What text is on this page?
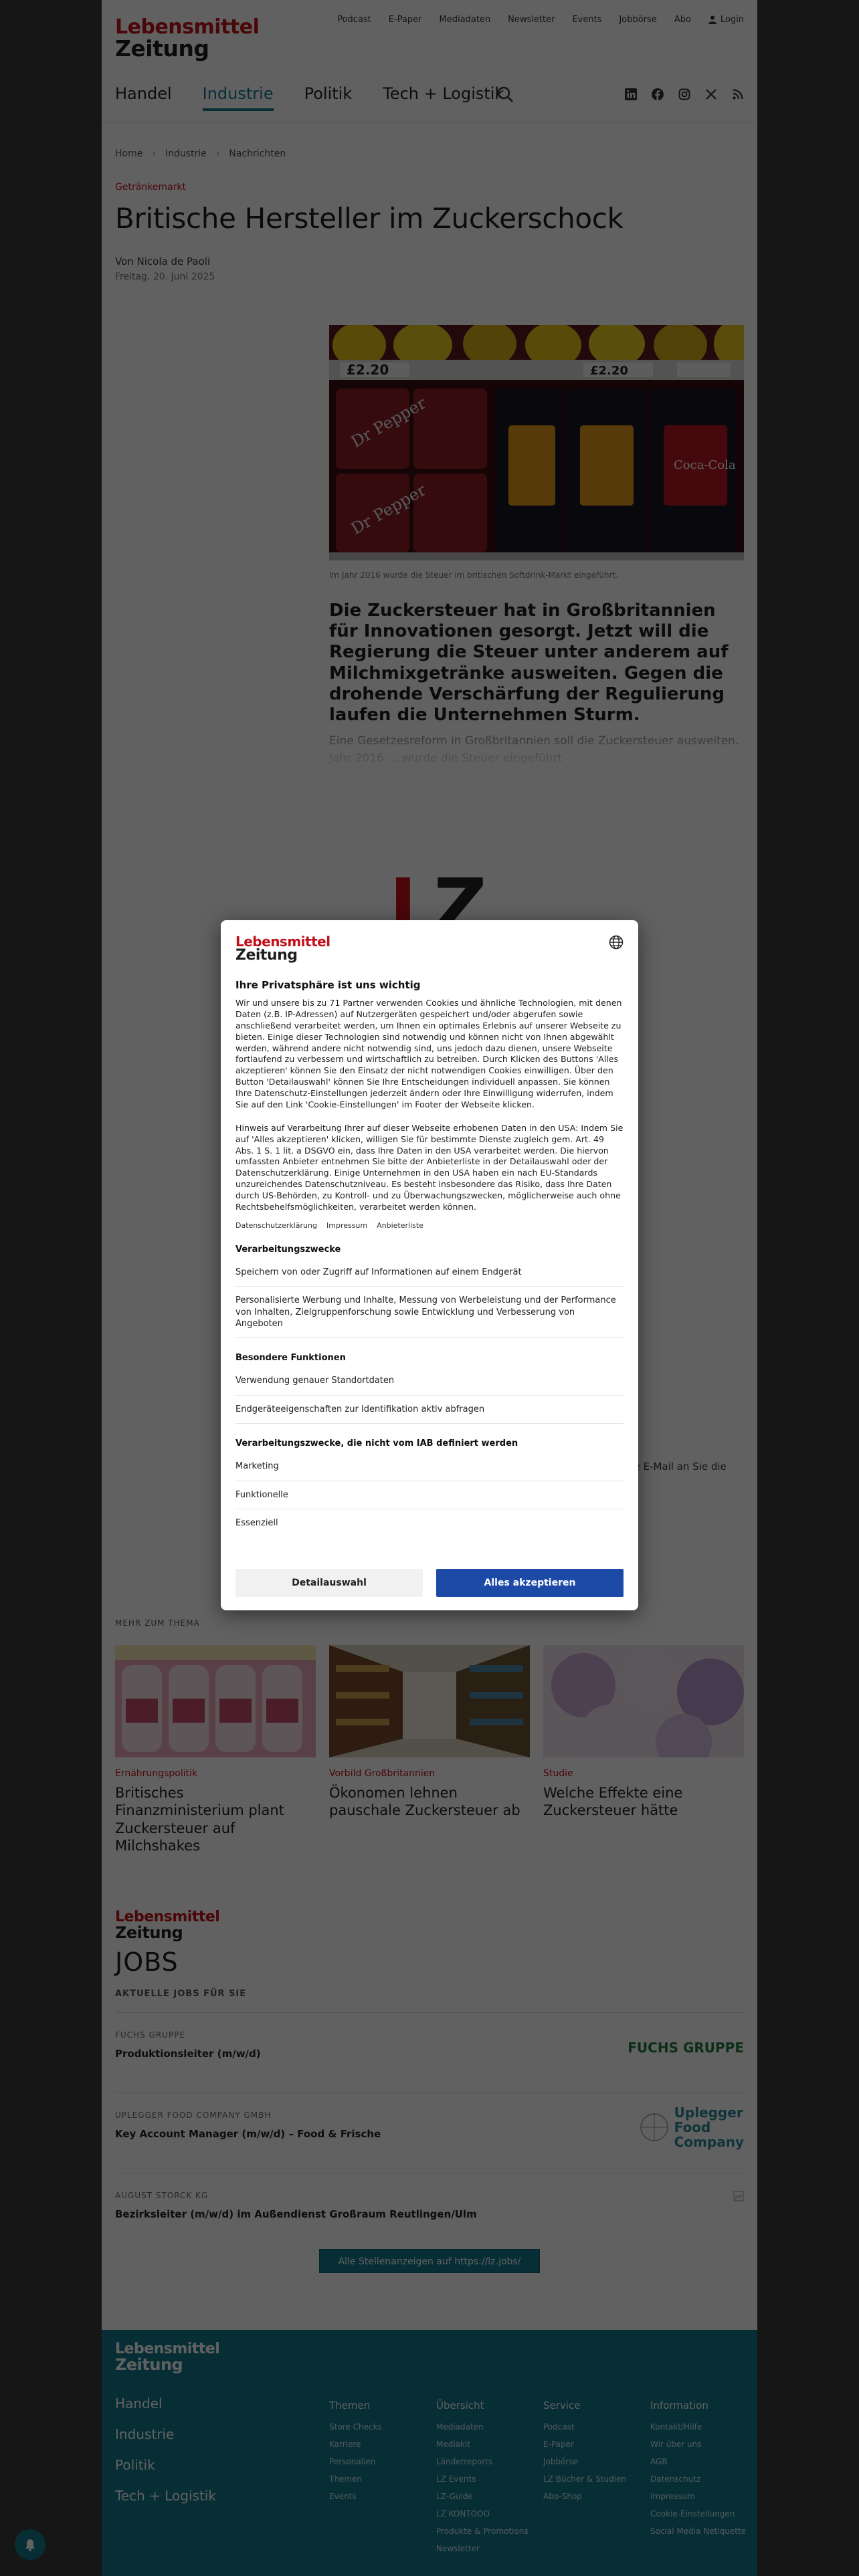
Lebensmittel
Zeitung
Ihre Privatsphäre ist uns wichtig

Wir und unsere bis zu 71 Partner verwenden Cookies und ähnliche Technologien, mit denen Daten (z.B. IP-Adressen) auf Nutzergeräten gespeichert und/oder abgerufen sowie anschließend verarbeitet werden, um Ihnen ein optimales Erlebnis auf unserer Webseite zu bieten. Einige dieser Technologien sind notwendig und können nicht von Ihnen abgewählt werden, während andere nicht notwendig sind, uns jedoch dazu dienen, unsere Webseite fortlaufend zu verbessern und wirtschaftlich zu betreiben. Durch Klicken des Buttons 'Alles akzeptieren' können Sie den Einsatz der nicht notwendigen Cookies einwilligen. Über den Button 'Detailauswahl' können Sie Ihre Entscheidungen individuell anpassen. Sie können Ihre Datenschutz-Einstellungen jederzeit ändern oder Ihre Einwilligung widerrufen, indem Sie auf den Link 'Cookie-Einstellungen' im Footer der Webseite klicken.

Hinweis auf Verarbeitung Ihrer auf dieser Webseite erhobenen Daten in den USA: Indem Sie auf 'Alles akzeptieren' klicken, willigen Sie für bestimmte Dienste zugleich gem. Art. 49 Abs. 1 S. 1 lit. a DSGVO ein, dass Ihre Daten in den USA verarbeitet werden. Die hiervon umfassten Anbieter entnehmen Sie bitte der Anbieterliste in der Detailauswahl oder der Datenschutzerklärung. Einige Unternehmen in den USA haben ein nach EU-Standards unzureichendes Datenschutzniveau. Es besteht insbesondere das Risiko, dass Ihre Daten durch US-Behörden, zu Kontroll- und zu Überwachungszwecken, möglicherweise auch ohne Rechtsbehelfsmöglichkeiten, verarbeitet werden können.

Datenschutzerklärung Impressum Anbieterliste
Verarbeitungszwecke
Speichern von oder Zugriff auf Informationen auf einem Endgerät
Personalisierte Werbung und Inhalte, Messung von Werbeleistung und der Performance von Inhalten, Zielgruppenforschung sowie Entwicklung und Verbesserung von Angeboten
Besondere Funktionen
Verwendung genauer Standortdaten
Endgeräteeigenschaften zur Identifikation aktiv abfragen
Verarbeitungszwecke, die nicht vom IAB definiert werden
Marketing
Funktionelle
Essenziell
Detailauswahl	Alles akzeptieren
